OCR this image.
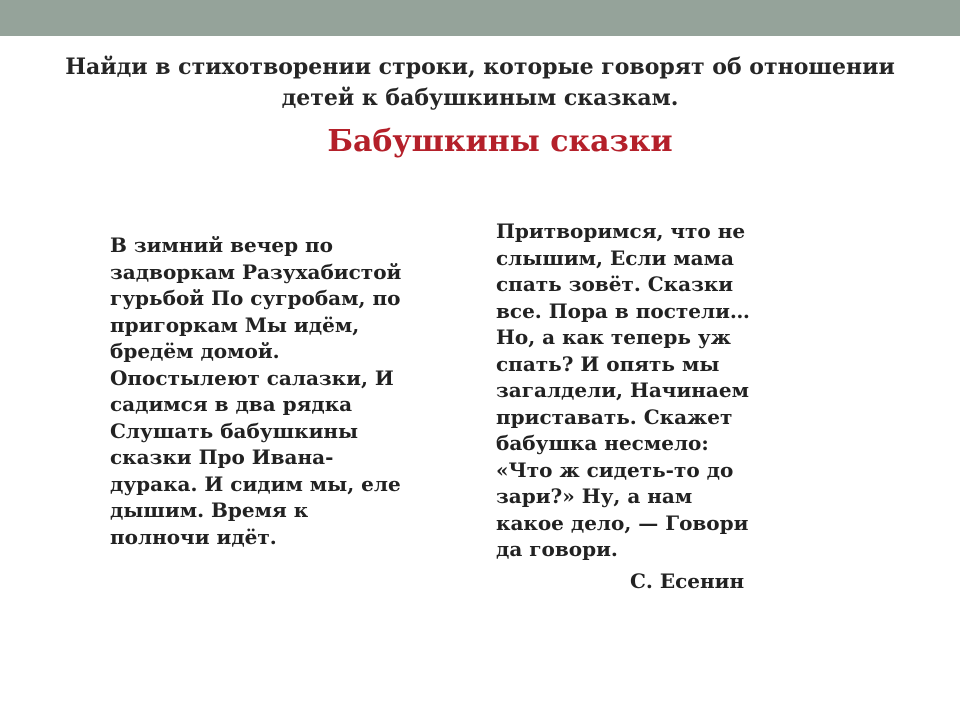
Найди в стихотворении строки, которые говорят об отношении
детей к бабушкиным сказкам.
Бабушкины сказки
В зимний вечер по
задворкам Разухабистой
гурьбой По сугробам, по
пригоркам Мы идём,
бредём домой.
Опостылеют салазки, И
садимся в два рядка
Слушать бабушкины
сказки Про Ивана-
дурака. И сидим мы, еле
дышим. Время к
полночи идёт.
Притворимся, что не
слышим, Если мама
спать зовёт. Сказки
все. Пора в постели…
Но, а как теперь уж
спать? И опять мы
загалдели, Начинаем
приставать. Скажет
бабушка несмело:
«Что ж сидеть-то до
зари?» Ну, а нам
какое дело, — Говори
да говори.
С. Есенин
